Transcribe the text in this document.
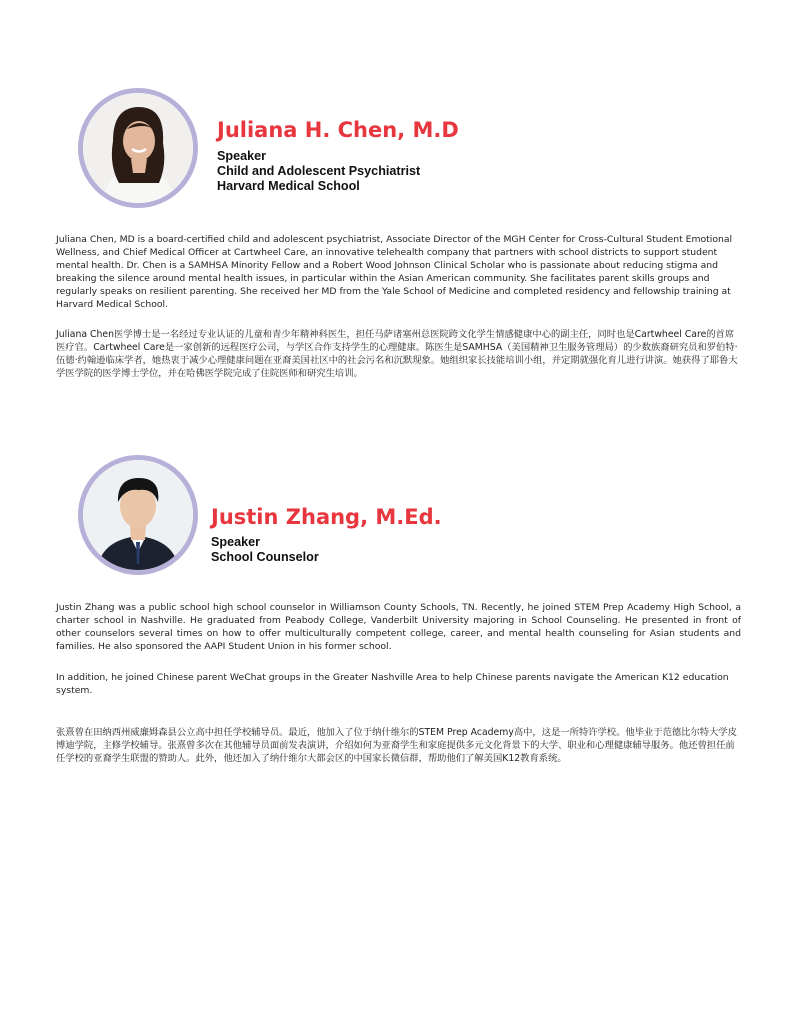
Juliana H. Chen, M.D
Speaker
Child and Adolescent Psychiatrist
Harvard Medical School

Juliana Chen, MD is a board-certified child and adolescent psychiatrist, Associate Director of the MGH Center for Cross-Cultural Student Emotional Wellness, and Chief Medical Officer at Cartwheel Care, an innovative telehealth company that partners with school districts to support student mental health. Dr. Chen is a SAMHSA Minority Fellow and a Robert Wood Johnson Clinical Scholar who is passionate about reducing stigma and breaking the silence around mental health issues, in particular within the Asian American community. She facilitates parent skills groups and regularly speaks on resilient parenting. She received her MD from the Yale School of Medicine and completed residency and fellowship training at Harvard Medical School.

Juliana Chen医学博士是一名经过专业认证的儿童和青少年精神科医生，担任马萨诸塞州总医院跨文化学生情感健康中心的副主任，同时也是Cartwheel Care的首席医疗官。Cartwheel Care是一家创新的远程医疗公司，与学区合作支持学生的心理健康。陈医生是SAMHSA（美国精神卫生服务管理局）的少数族裔研究员和罗伯特·伍德·约翰逊临床学者，她热衷于减少心理健康问题在亚裔美国社区中的社会污名和沉默现象。她组织家长技能培训小组，并定期就强化育儿进行讲演。她获得了耶鲁大学医学院的医学博士学位，并在哈佛医学院完成了住院医师和研究生培训。

Justin Zhang, M.Ed.
Speaker
School Counselor

Justin Zhang was a public school high school counselor in Williamson County Schools, TN. Recently, he joined STEM Prep Academy High School, a charter school in Nashville. He graduated from Peabody College, Vanderbilt University majoring in School Counseling. He presented in front of other counselors several times on how to offer multiculturally competent college, career, and mental health counseling for Asian students and families. He also sponsored the AAPI Student Union in his former school.

In addition, he joined Chinese parent WeChat groups in the Greater Nashville Area to help Chinese parents navigate the American K12 education system.

张熹曾在田纳西州威廉姆森县公立高中担任学校辅导员。最近，他加入了位于纳什维尔的STEM Prep Academy高中，这是一所特许学校。他毕业于范德比尔特大学皮博迪学院，主修学校辅导。张熹曾多次在其他辅导员面前发表演讲，介绍如何为亚裔学生和家庭提供多元文化背景下的大学、职业和心理健康辅导服务。他还曾担任前任学校的亚裔学生联盟的赞助人。此外，他还加入了纳什维尔大都会区的中国家长微信群，帮助他们了解美国K12教育系统。
